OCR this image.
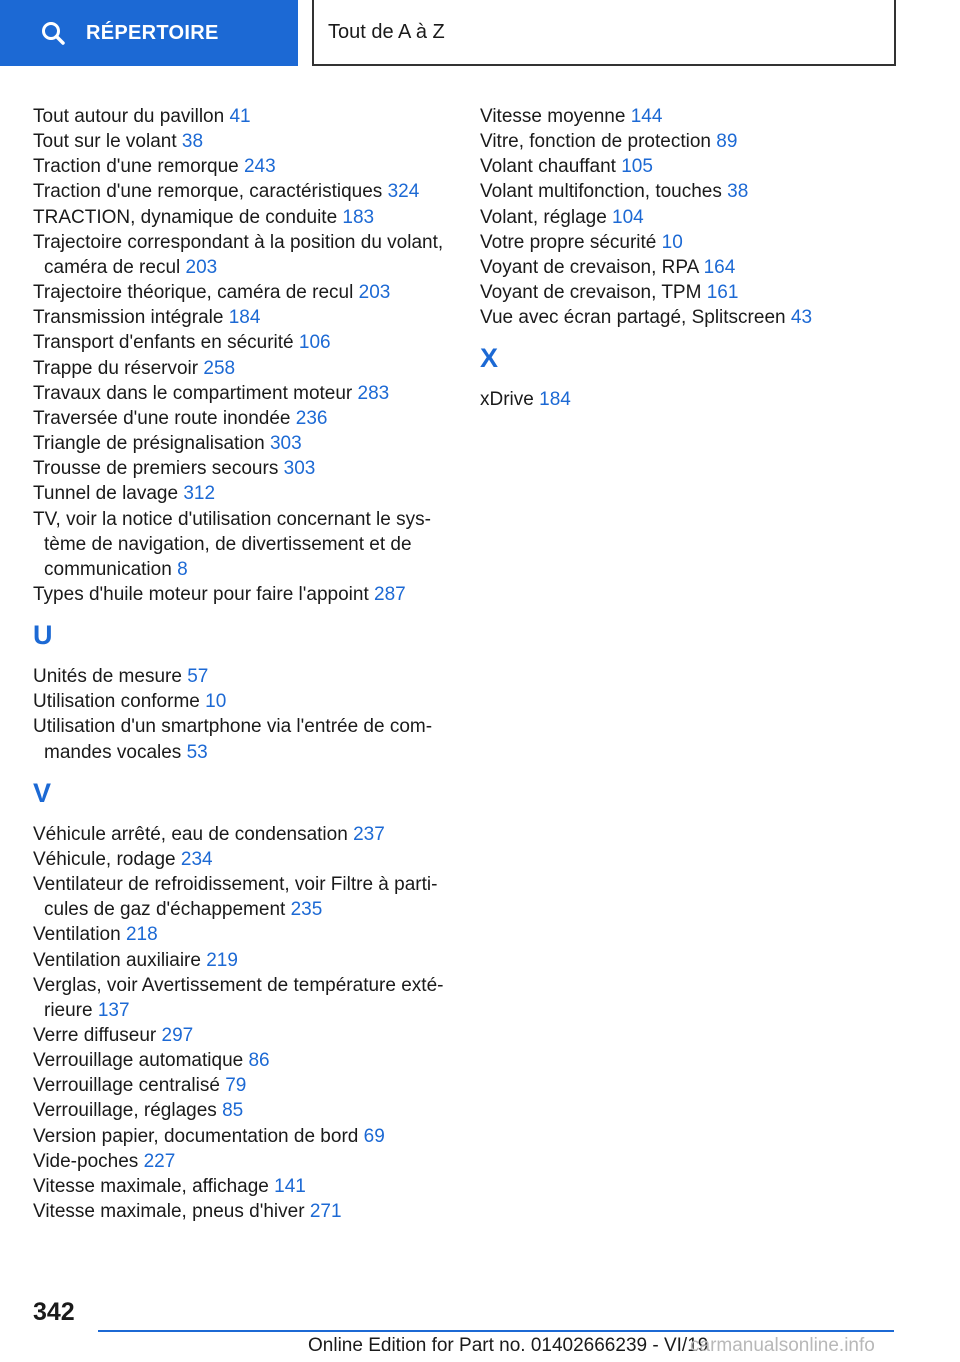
RÉPERTOIRE	Tout de A à Z
Tout autour du pavillon 41
Tout sur le volant 38
Traction d'une remorque 243
Traction d'une remorque, caractéristiques 324
TRACTION, dynamique de conduite 183
Trajectoire correspondant à la position du volant, caméra de recul 203
Trajectoire théorique, caméra de recul 203
Transmission intégrale 184
Transport d'enfants en sécurité 106
Trappe du réservoir 258
Travaux dans le compartiment moteur 283
Traversée d'une route inondée 236
Triangle de présignalisation 303
Trousse de premiers secours 303
Tunnel de lavage 312
TV, voir la notice d'utilisation concernant le sys‐tème de navigation, de divertissement et de communication 8
Types d'huile moteur pour faire l'appoint 287
U
Unités de mesure 57
Utilisation conforme 10
Utilisation d'un smartphone via l'entrée de com‐mandes vocales 53
V
Véhicule arrêté, eau de condensation 237
Véhicule, rodage 234
Ventilateur de refroidissement, voir Filtre à parti‐cules de gaz d'échappement 235
Ventilation 218
Ventilation auxiliaire 219
Verglas, voir Avertissement de température exté‐rieure 137
Verre diffuseur 297
Verrouillage automatique 86
Verrouillage centralisé 79
Verrouillage, réglages 85
Version papier, documentation de bord 69
Vide-poches 227
Vitesse maximale, affichage 141
Vitesse maximale, pneus d'hiver 271
Vitesse moyenne 144
Vitre, fonction de protection 89
Volant chauffant 105
Volant multifonction, touches 38
Volant, réglage 104
Votre propre sécurité 10
Voyant de crevaison, RPA 164
Voyant de crevaison, TPM 161
Vue avec écran partagé, Splitscreen 43
X
xDrive 184
342
Online Edition for Part no. 01402666239 - VI/19
carmanualsonline.info
